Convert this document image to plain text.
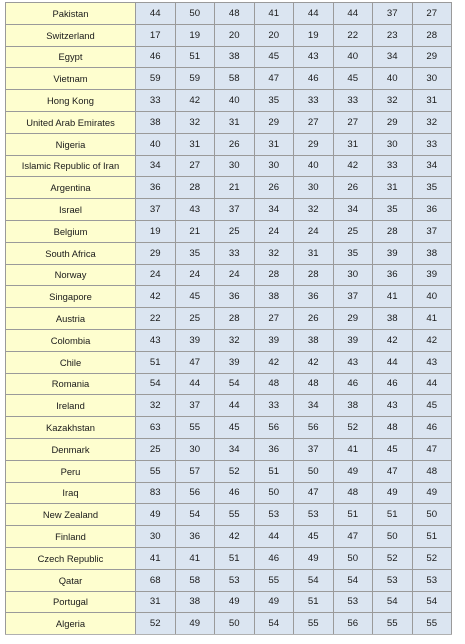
Pakistan	44	50	48	41	44	44	37	27
Switzerland	17	19	20	20	19	22	23	28
Egypt	46	51	38	45	43	40	34	29
Vietnam	59	59	58	47	46	45	40	30
Hong Kong	33	42	40	35	33	33	32	31
United Arab Emirates	38	32	31	29	27	27	29	32
Nigeria	40	31	26	31	29	31	30	33
Islamic Republic of Iran	34	27	30	30	40	42	33	34
Argentina	36	28	21	26	30	26	31	35
Israel	37	43	37	34	32	34	35	36
Belgium	19	21	25	24	24	25	28	37
South Africa	29	35	33	32	31	35	39	38
Norway	24	24	24	28	28	30	36	39
Singapore	42	45	36	38	36	37	41	40
Austria	22	25	28	27	26	29	38	41
Colombia	43	39	32	39	38	39	42	42
Chile	51	47	39	42	42	43	44	43
Romania	54	44	54	48	48	46	46	44
Ireland	32	37	44	33	34	38	43	45
Kazakhstan	63	55	45	56	56	52	48	46
Denmark	25	30	34	36	37	41	45	47
Peru	55	57	52	51	50	49	47	48
Iraq	83	56	46	50	47	48	49	49
New Zealand	49	54	55	53	53	51	51	50
Finland	30	36	42	44	45	47	50	51
Czech Republic	41	41	51	46	49	50	52	52
Qatar	68	58	53	55	54	54	53	53
Portugal	31	38	49	49	51	53	54	54
Algeria	52	49	50	54	55	56	55	55
